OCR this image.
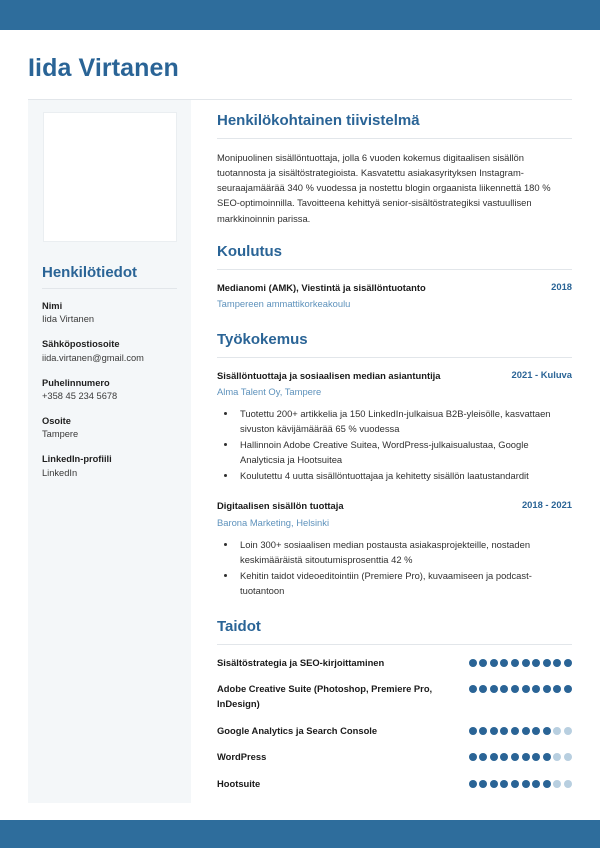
Iida Virtanen
Henkilötiedot
Nimi
Iida Virtanen
Sähköpostiosoite
iida.virtanen@gmail.com
Puhelinnumero
+358 45 234 5678
Osoite
Tampere
LinkedIn-profiili
LinkedIn
Henkilökohtainen tiivistelmä

Monipuolinen sisällöntuottaja, jolla 6 vuoden kokemus digitaalisen sisällön tuotannosta ja sisältöstrategioista. Kasvatettu asiakasyrityksen Instagram-seuraajamäärää 340 % vuodessa ja nostettu blogin orgaanista liikennettä 180 % SEO-optimoinnilla. Tavoitteena kehittyä senior-sisältöstrategiksi vastuullisen markkinoinnin parissa.

Koulutus
Medianomi (AMK), Viestintä ja sisällöntuotanto	2018
Tampereen ammattikorkeakoulu
Työkokemus
Sisällöntuottaja ja sosiaalisen median asiantuntija	2021 - Kuluva
Alma Talent Oy, Tampere
• Tuotettu 200+ artikkelia ja 150 LinkedIn-julkaisua B2B-yleisölle, kasvattaen sivuston kävijämäärää 65 % vuodessa
• Hallinnoin Adobe Creative Suitea, WordPress-julkaisualustaa, Google Analyticsia ja Hootsuitea
• Koulutettu 4 uutta sisällöntuottajaa ja kehitetty sisällön laatustandardit
Digitaalisen sisällön tuottaja	2018 - 2021
Barona Marketing, Helsinki
• Loin 300+ sosiaalisen median postausta asiakasprojekteille, nostaden keskimääräistä sitoutumisprosenttia 42 %
• Kehitin taidot videoeditointiin (Premiere Pro), kuvaamiseen ja podcast-tuotantoon
Taidot
Sisältöstrategia ja SEO-kirjoittaminen
Adobe Creative Suite (Photoshop, Premiere Pro, InDesign)
Google Analytics ja Search Console
WordPress
Hootsuite
